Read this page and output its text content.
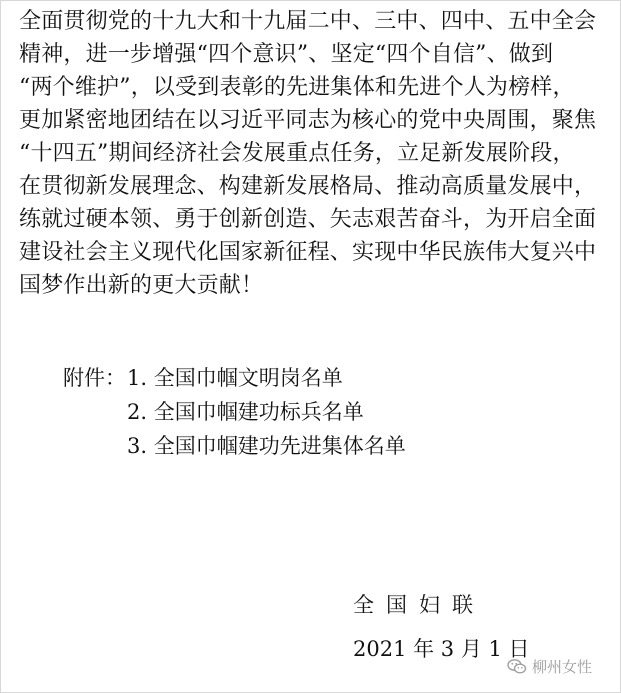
全面贯彻党的十九大和十九届二中、三中、四中、五中全会
精神，进一步增强“四个意识”、坚定“四个自信”、做到
“两个维护”，以受到表彰的先进集体和先进个人为榜样，
更加紧密地团结在以习近平同志为核心的党中央周围，聚焦
“十四五”期间经济社会发展重点任务，立足新发展阶段，
在贯彻新发展理念、构建新发展格局、推动高质量发展中，
练就过硬本领、勇于创新创造、矢志艰苦奋斗，为开启全面
建设社会主义现代化国家新征程、实现中华民族伟大复兴中
国梦作出新的更大贡献！
附件：1. 全国巾帼文明岗名单
2. 全国巾帼建功标兵名单
3. 全国巾帼建功先进集体名单
全国妇联
2021 年 3 月 1 日
柳州女性
